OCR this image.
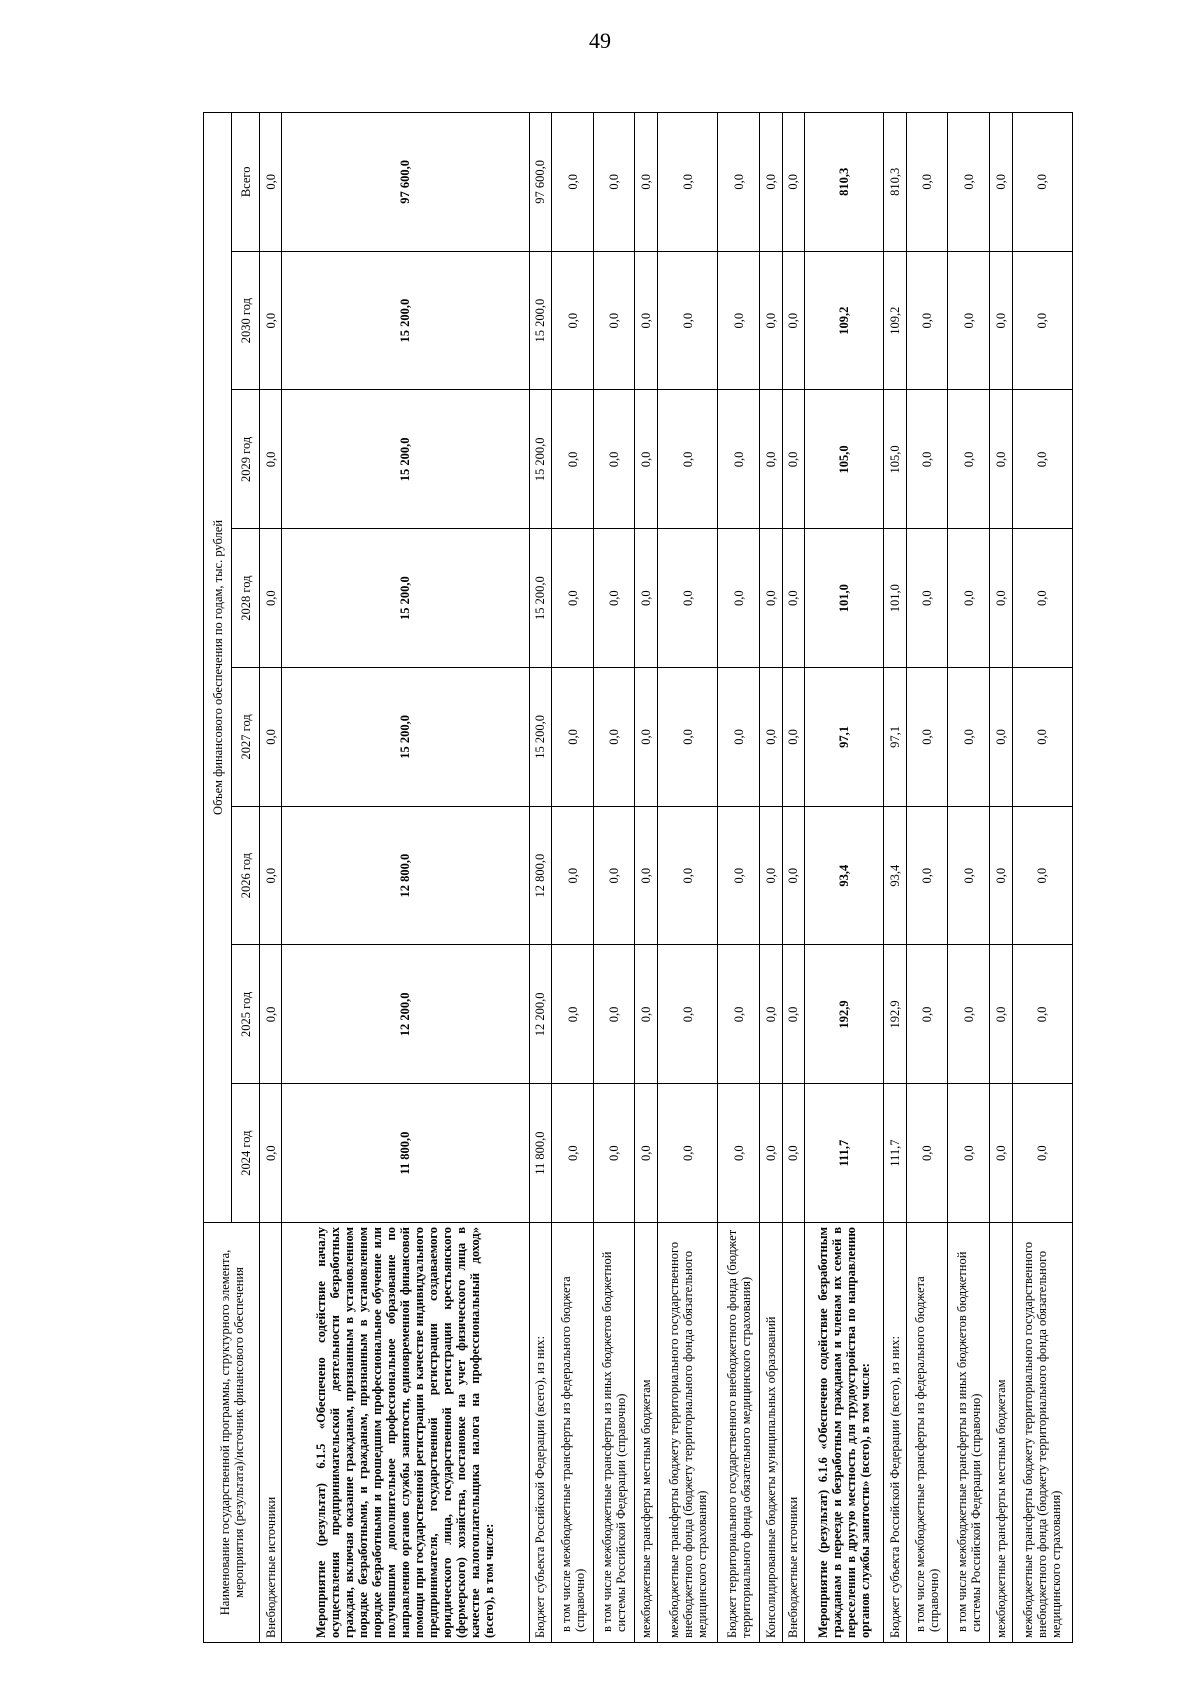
49
Наименование государственной программы, структурного элемента, мероприятия (результата)/источник финансового обеспечения	Объем финансового обеспечения по годам, тыс. рублей							
	2024 год	2025 год	2026 год	2027 год	2028 год	2029 год	2030 год	Всего
Внебюджетные источники	0,0	0,0	0,0	0,0	0,0	0,0	0,0	0,0
Мероприятие (результат) 6.1.5 «Обеспечено содействие началу осуществления предпринимательской деятельности безработных граждан, включая оказание гражданам, признанным в установленном порядке безработными, и гражданам, признанным в установленном порядке безработными и прошедшим профессиональное обучение или получившим дополнительное профессиональное образование по направлению органов службы занятости, единовременной финансовой помощи при государственной регистрации в качестве индивидуального предпринимателя, государственной регистрации создаваемого юридического лица, государственной регистрации крестьянского (фермерского) хозяйства, постановке на учет физического лица в качестве налогоплательщика налога на профессиональный доход» (всего), в том числе:	11 800,0	12 200,0	12 800,0	15 200,0	15 200,0	15 200,0	15 200,0	97 600,0
Бюджет субъекта Российской Федерации (всего), из них:	11 800,0	12 200,0	12 800,0	15 200,0	15 200,0	15 200,0	15 200,0	97 600,0
в том числе межбюджетные трансферты из федерального бюджета (справочно)	0,0	0,0	0,0	0,0	0,0	0,0	0,0	0,0
в том числе межбюджетные трансферты из иных бюджетов бюджетной системы Российской Федерации (справочно)	0,0	0,0	0,0	0,0	0,0	0,0	0,0	0,0
межбюджетные трансферты местным бюджетам	0,0	0,0	0,0	0,0	0,0	0,0	0,0	0,0
межбюджетные трансферты бюджету территориального государственного внебюджетного фонда (бюджету территориального фонда обязательного медицинского страхования)	0,0	0,0	0,0	0,0	0,0	0,0	0,0	0,0
Бюджет территориального государственного внебюджетного фонда (бюджет территориального фонда обязательного медицинского страхования)	0,0	0,0	0,0	0,0	0,0	0,0	0,0	0,0
Консолидированные бюджеты муниципальных образований	0,0	0,0	0,0	0,0	0,0	0,0	0,0	0,0
Внебюджетные источники	0,0	0,0	0,0	0,0	0,0	0,0	0,0	0,0
Мероприятие (результат) 6.1.6 «Обеспечено содействие безработным гражданам в переезде и безработным гражданам и членам их семей в переселении в другую местность для трудоустройства по направлению органов службы занятости» (всего), в том числе:	111,7	192,9	93,4	97,1	101,0	105,0	109,2	810,3
Бюджет субъекта Российской Федерации (всего), из них:	111,7	192,9	93,4	97,1	101,0	105,0	109,2	810,3
в том числе межбюджетные трансферты из федерального бюджета (справочно)	0,0	0,0	0,0	0,0	0,0	0,0	0,0	0,0
в том числе межбюджетные трансферты из иных бюджетов бюджетной системы Российской Федерации (справочно)	0,0	0,0	0,0	0,0	0,0	0,0	0,0	0,0
межбюджетные трансферты местным бюджетам	0,0	0,0	0,0	0,0	0,0	0,0	0,0	0,0
межбюджетные трансферты бюджету территориального государственного внебюджетного фонда (бюджету территориального фонда обязательного медицинского страхования)	0,0	0,0	0,0	0,0	0,0	0,0	0,0	0,0
